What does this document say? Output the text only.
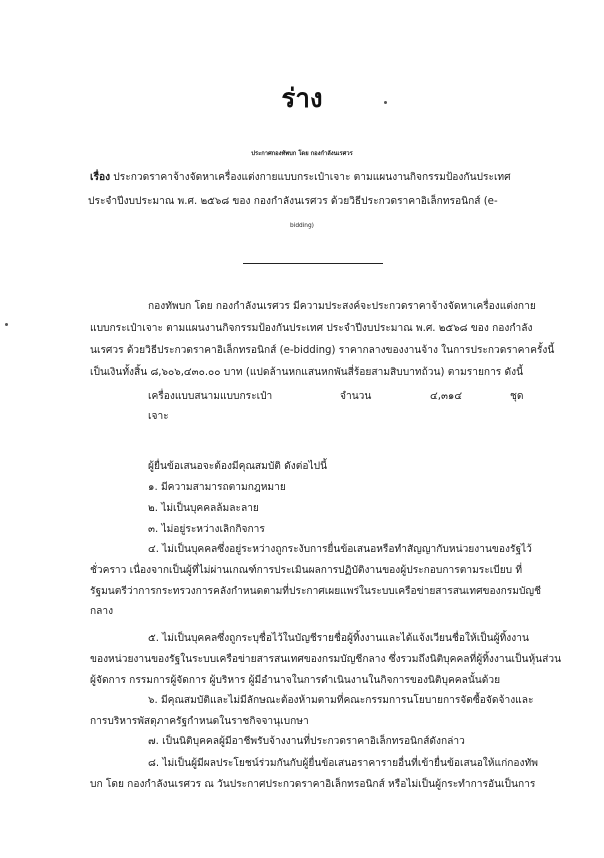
ร่าง
ประกาศกองทัพบก โดย กองกำลังนเรศวร
เรื่อง ประกวดราคาจ้างจัดหาเครื่องแต่งกายแบบกระเป๋าเจาะ ตามแผนงานกิจกรรมป้องกันประเทศ
ประจำปีงบประมาณ พ.ศ. ๒๕๖๘ ของ กองกำลังนเรศวร ด้วยวิธีประกวดราคาอิเล็กทรอนิกส์ (e-
bidding)
กองทัพบก โดย กองกำลังนเรศวร มีความประสงค์จะประกวดราคาจ้างจัดหาเครื่องแต่งกาย
แบบกระเป๋าเจาะ ตามแผนงานกิจกรรมป้องกันประเทศ ประจำปีงบประมาณ พ.ศ. ๒๕๖๘ ของ กองกำลัง
นเรศวร ด้วยวิธีประกวดราคาอิเล็กทรอนิกส์ (e-bidding) ราคากลางของงานจ้าง ในการประกวดราคาครั้งนี้
เป็นเงินทั้งสิ้น ๘,๖๐๖,๔๓๐.๐๐ บาท (แปดล้านหกแสนหกพันสี่ร้อยสามสิบบาทถ้วน) ตามรายการ ดังนี้
เครื่องแบบสนามแบบกระเป๋า
เจาะ
จำนวน	๔,๓๑๔	ชุด
ผู้ยื่นข้อเสนอจะต้องมีคุณสมบัติ ดังต่อไปนี้
๑. มีความสามารถตามกฎหมาย
๒. ไม่เป็นบุคคลล้มละลาย
๓. ไม่อยู่ระหว่างเลิกกิจการ
๔. ไม่เป็นบุคคลซึ่งอยู่ระหว่างถูกระงับการยื่นข้อเสนอหรือทำสัญญากับหน่วยงานของรัฐไว้
ชั่วคราว เนื่องจากเป็นผู้ที่ไม่ผ่านเกณฑ์การประเมินผลการปฏิบัติงานของผู้ประกอบการตามระเบียบ ที่
รัฐมนตรีว่าการกระทรวงการคลังกำหนดตามที่ประกาศเผยแพร่ในระบบเครือข่ายสารสนเทศของกรมบัญชี
กลาง
๕. ไม่เป็นบุคคลซึ่งถูกระบุชื่อไว้ในบัญชีรายชื่อผู้ทิ้งงานและได้แจ้งเวียนชื่อให้เป็นผู้ทิ้งงาน
ของหน่วยงานของรัฐในระบบเครือข่ายสารสนเทศของกรมบัญชีกลาง ซึ่งรวมถึงนิติบุคคลที่ผู้ทิ้งงานเป็นหุ้นส่วน
ผู้จัดการ กรรมการผู้จัดการ ผู้บริหาร ผู้มีอำนาจในการดำเนินงานในกิจการของนิติบุคคลนั้นด้วย
๖. มีคุณสมบัติและไม่มีลักษณะต้องห้ามตามที่คณะกรรมการนโยบายการจัดซื้อจัดจ้างและ
การบริหารพัสดุภาครัฐกำหนดในราชกิจจานุเบกษา
๗. เป็นนิติบุคคลผู้มีอาชีพรับจ้างงานที่ประกวดราคาอิเล็กทรอนิกส์ดังกล่าว
๘. ไม่เป็นผู้มีผลประโยชน์ร่วมกันกับผู้ยื่นข้อเสนอราคารายอื่นที่เข้ายื่นข้อเสนอให้แก่กองทัพ
บก โดย กองกำลังนเรศวร ณ วันประกาศประกวดราคาอิเล็กทรอนิกส์ หรือไม่เป็นผู้กระทำการอันเป็นการ
